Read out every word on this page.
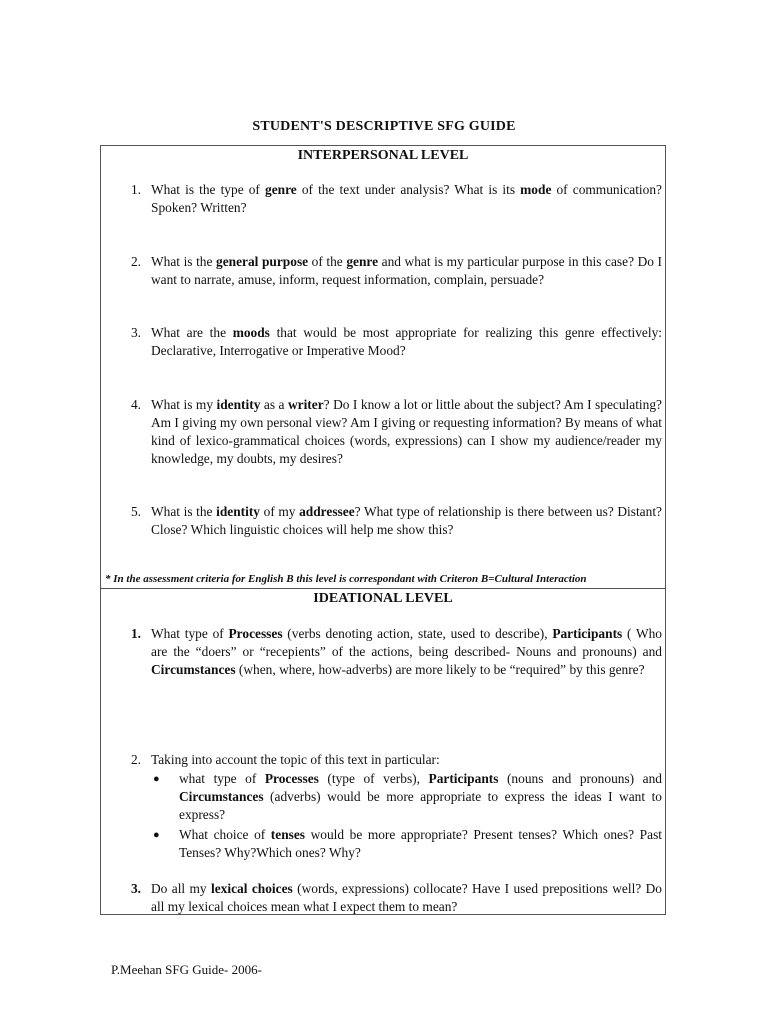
STUDENT'S DESCRIPTIVE SFG GUIDE
INTERPERSONAL LEVEL
1. What is the type of genre of the text under analysis? What is its mode of communication? Spoken? Written?
2. What is the general purpose of the genre and what is my particular purpose in this case? Do I want to narrate, amuse, inform, request information, complain, persuade?
3. What are the moods that would be most appropriate for realizing this genre effectively: Declarative, Interrogative or Imperative Mood?
4. What is my identity as a writer? Do I know a lot or little about the subject? Am I speculating? Am I giving my own personal view? Am I giving or requesting information? By means of what kind of lexico-grammatical choices (words, expressions) can I show my audience/reader my knowledge, my doubts, my desires?
5. What is the identity of my addressee? What type of relationship is there between us? Distant? Close? Which linguistic choices will help me show this?
* In the assessment criteria for English B this level is correspondant with Criteron B=Cultural Interaction
IDEATIONAL LEVEL
1. What type of Processes (verbs denoting action, state, used to describe), Participants ( Who are the “doers” or “recepients” of the actions, being described- Nouns and pronouns) and Circumstances (when, where, how-adverbs) are more likely to be “required” by this genre?
2. Taking into account the topic of this text in particular:
● what type of Processes (type of verbs), Participants (nouns and pronouns) and Circumstances (adverbs) would be more appropriate to express the ideas I want to express?
● What choice of tenses would be more appropriate? Present tenses? Which ones? Past Tenses? Why?Which ones? Why?
3. Do all my lexical choices (words, expressions) collocate? Have I used prepositions well? Do all my lexical choices mean what I expect them to mean?
P.Meehan SFG Guide- 2006-
